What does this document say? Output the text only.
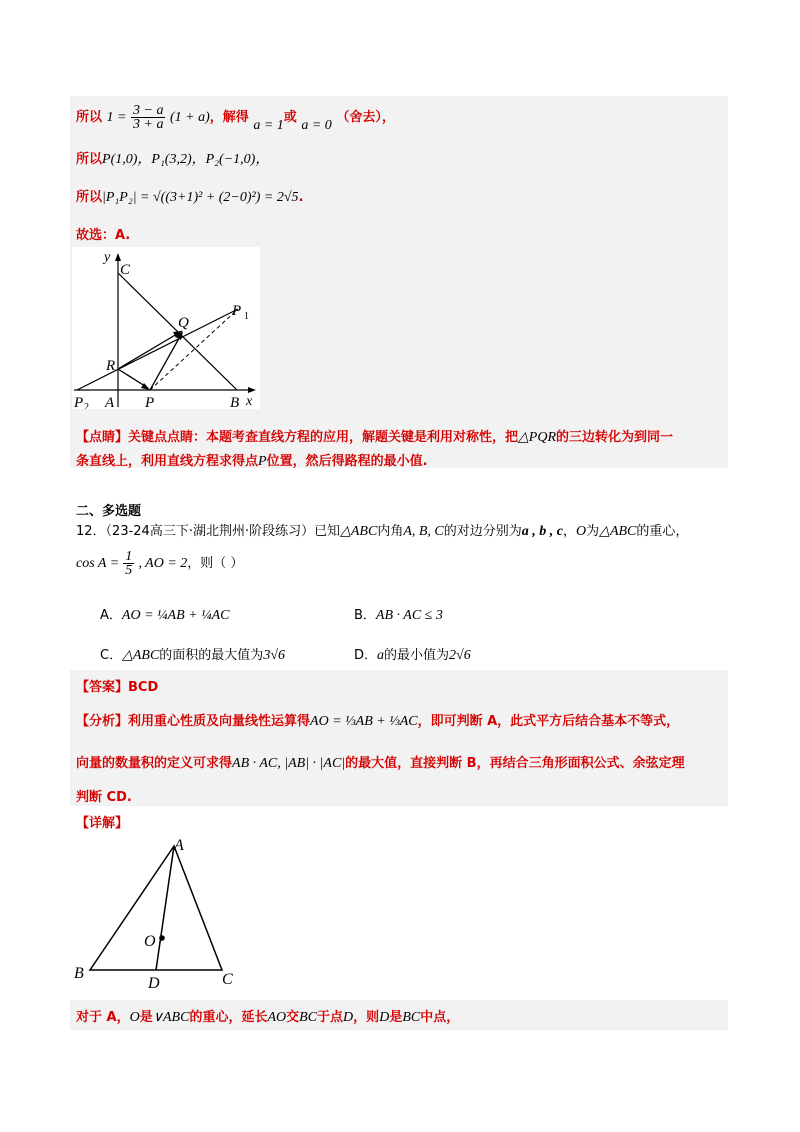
所以 $1 = \frac{3 - a}{3 + a} (1 + a)$，解得 a = 1或 a = 0 （舍去），
所以P(1,0)，P₁(3,2)，P₂(−1,0)，
所以|P₁P₂| = √((3+1)² + (2−0)²) = 2√5.
故选：A.
y
x
C
P 1
Q
R
P 2 A P	B
【点睛】关键点点睛：本题考查直线方程的应用，解题关键是利用对称性，把△PQR的三边转化为到同一
条直线上，利用直线方程求得点P位置，然后得路程的最小值.
二、多选题
12．（23-24高三下·湖北荆州·阶段练习）已知△ABC内角A, B, C的对边分别为a , b , c，O为△ABC的重心，
$\cos A = \frac{1}{5}$ , AO = 2，则（ ）
A．AO = ¼AB + ¼AC	B．AB · AC ≤ 3
C．△ABC的面积的最大值为3√6	D．a的最小值为2√6
【答案】BCD
【分析】利用重心性质及向量线性运算得AO = ⅓AB + ⅓AC，即可判断 A，此式平方后结合基本不等式，
向量的数量积的定义可求得AB · AC, |AB| · |AC|的最大值，直接判断 B，再结合三角形面积公式、余弦定理
判断 CD.
【详解】
A
O
B
D	C
对于 A，O是∨ABC的重心，延长AO交BC于点D，则D是BC中点，
